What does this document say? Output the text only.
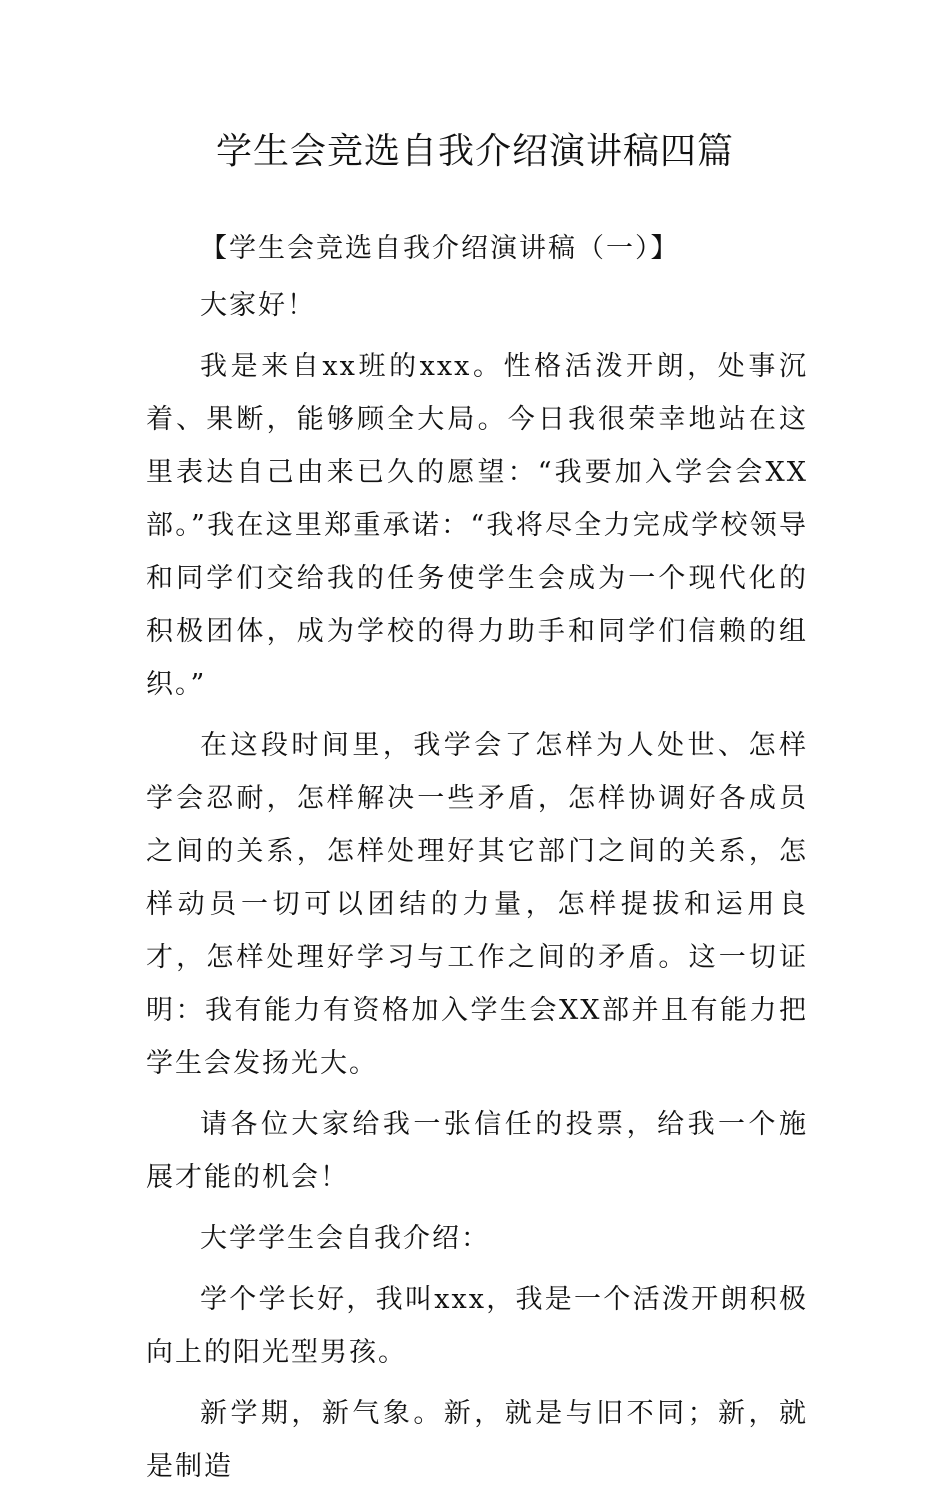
学生会竞选自我介绍演讲稿四篇

【学生会竞选自我介绍演讲稿（一）】

大家好！

我是来自xx班的xxx。性格活泼开朗，处事沉着、果断，能够顾全大局。今日我很荣幸地站在这里表达自己由来已久的愿望：“我要加入学会会XX部。”我在这里郑重承诺：“我将尽全力完成学校领导和同学们交给我的任务使学生会成为一个现代化的积极团体，成为学校的得力助手和同学们信赖的组织。”

在这段时间里，我学会了怎样为人处世、怎样学会忍耐，怎样解决一些矛盾，怎样协调好各成员之间的关系，怎样处理好其它部门之间的关系，怎样动员一切可以团结的力量，怎样提拔和运用良才，怎样处理好学习与工作之间的矛盾。这一切证明：我有能力有资格加入学生会XX部并且有能力把学生会发扬光大。

请各位大家给我一张信任的投票，给我一个施展才能的机会！

大学学生会自我介绍：

学个学长好，我叫xxx，我是一个活泼开朗积极向上的阳光型男孩。

新学期，新气象。新，就是与旧不同；新，就是制造
